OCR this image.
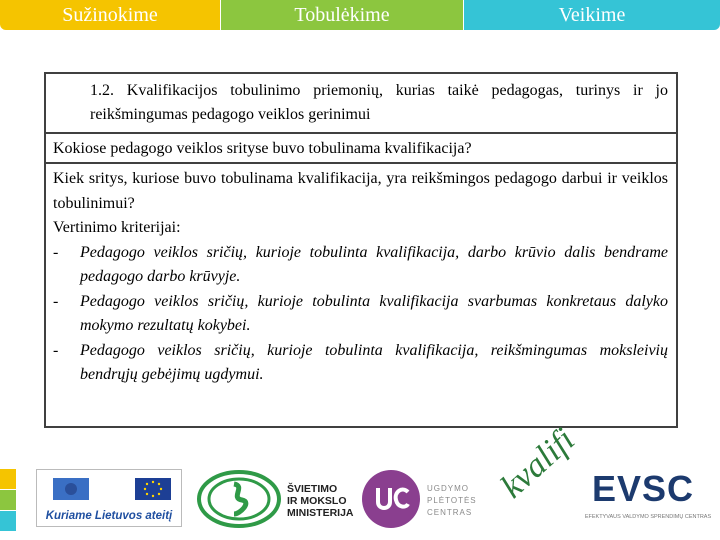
Sužinokime	Tobulėkime	Veikime
1.2. Kvalifikacijos tobulinimo priemonių, kurias taikė pedagogas, turinys ir jo reikšmingumas pedagogo veiklos gerinimui
Kokiose pedagogo veiklos srityse buvo tobulinama kvalifikacija?

Kiek sritys, kuriose buvo tobulinama kvalifikacija, yra reikšmingos pedagogo darbui ir veiklos tobulinimui?

Vertinimo kriterijai:

- Pedagogo veiklos sričių, kurioje tobulinta kvalifikacija, darbo krūvio dalis bendrame pedagogo darbo krūvyje.

- Pedagogo veiklos sričių, kurioje tobulinta kvalifikacija svarbumas konkretaus dalyko mokymo rezultatų kokybei.

- Pedagogo veiklos sričių, kurioje tobulinta kvalifikacija, reikšmingumas moksleivių bendrųjų gebėjimų ugdymui.

Kuriame Lietuvos ateitį
ŠVIETIMO
IR MOKSLO
MINISTERIJA
UGDYMO
PLĖTOTĖS
CENTRAS
kvalifi EVSC
EFEKTYVAUS VALDYMO SPRENDIMŲ CENTRAS
